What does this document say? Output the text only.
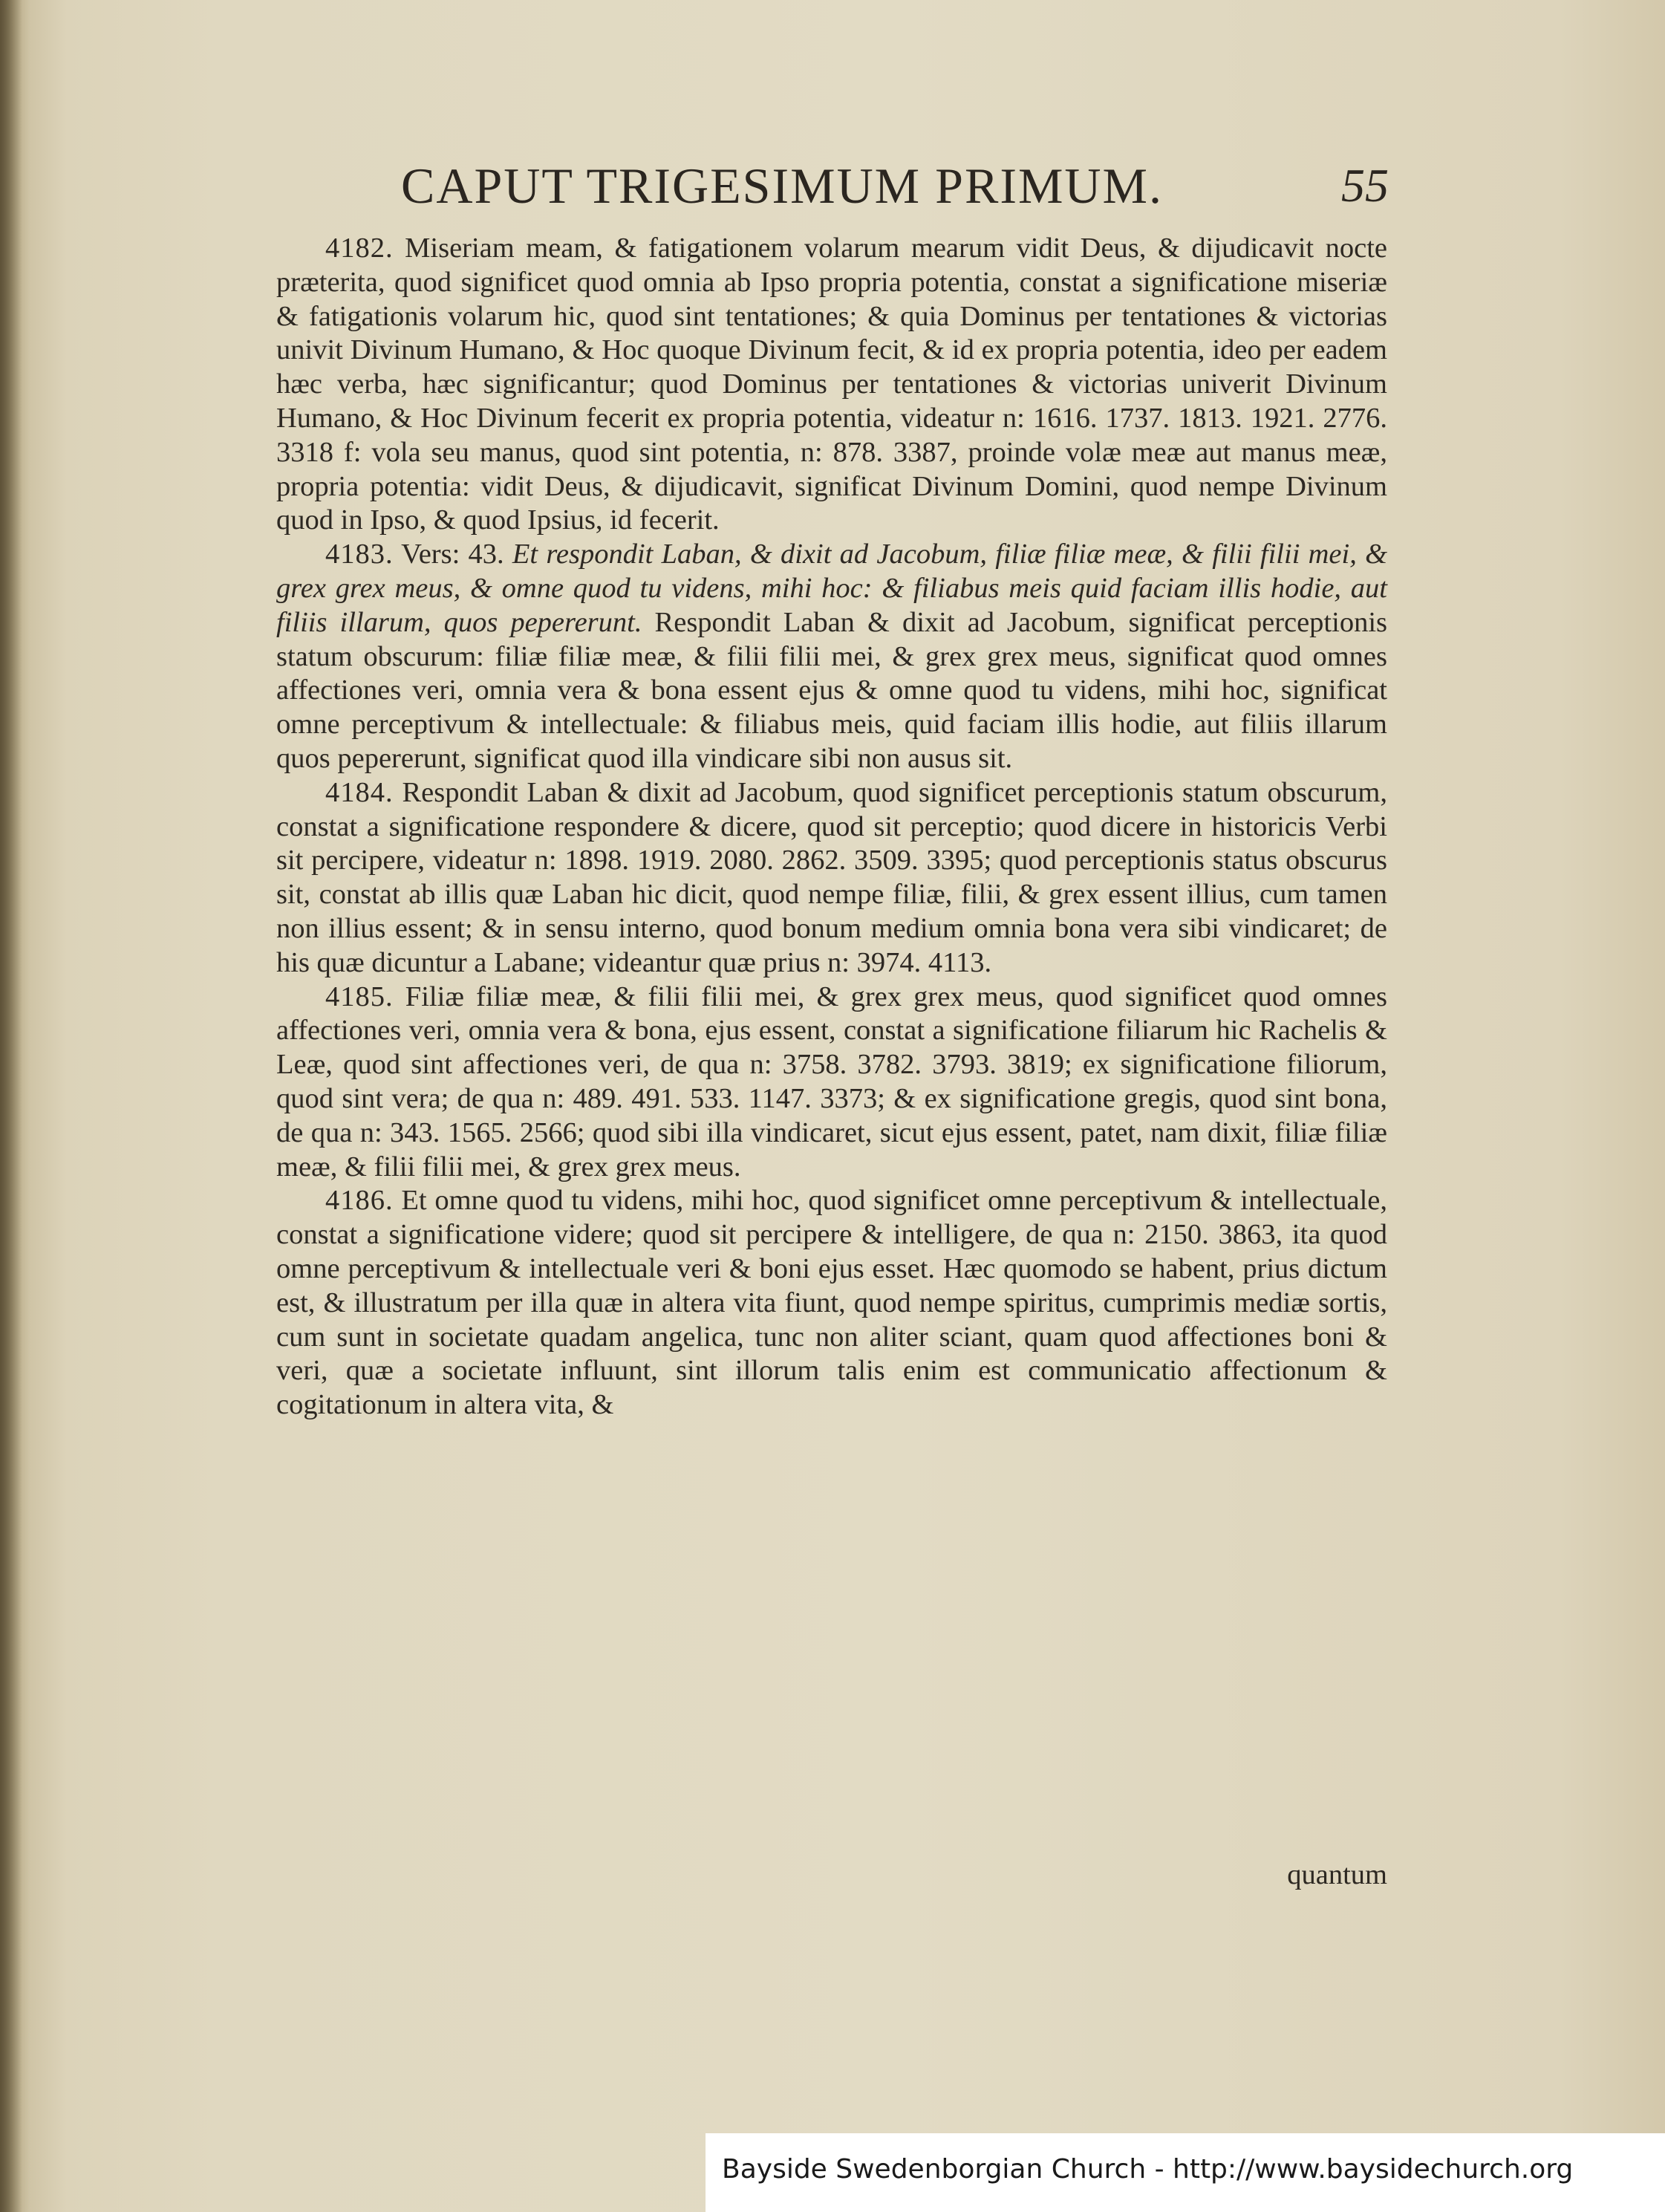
CAPUT TRIGESIMUM PRIMUM.	55

4182. Miseriam meam, & fatigationem volarum mearum vidit Deus, & dijudicavit nocte præterita, quod significet quod omnia ab Ipso propria potentia, constat a significatione miseriæ & fatigationis volarum hic, quod sint tentationes; & quia Dominus per tentationes & victorias univit Divinum Humano, & Hoc quoque Divinum fecit, & id ex propria potentia, ideo per eadem hæc verba, hæc significantur; quod Dominus per tentationes & victorias univerit Divinum Humano, & Hoc Divinum fecerit ex propria potentia, videatur n: 1616. 1737. 1813. 1921. 2776. 3318 f: vola seu manus, quod sint potentia, n: 878. 3387, proinde volæ meæ aut manus meæ, propria potentia: vidit Deus, & dijudicavit, significat Divinum Domini, quod nempe Divinum quod in Ipso, & quod Ipsius, id fecerit.

4183. Vers: 43. Et respondit Laban, & dixit ad Jacobum, filiæ filiæ meæ, & filii filii mei, & grex grex meus, & omne quod tu videns, mihi hoc: & filiabus meis quid faciam illis hodie, aut filiis illarum, quos pepererunt. Respondit Laban & dixit ad Jacobum, significat perceptionis statum obscurum: filiæ filiæ meæ, & filii filii mei, & grex grex meus, significat quod omnes affectiones veri, omnia vera & bona essent ejus & omne quod tu videns, mihi hoc, significat omne perceptivum & intellectuale: & filiabus meis, quid faciam illis hodie, aut filiis illarum quos pepererunt, significat quod illa vindicare sibi non ausus sit.

4184. Respondit Laban & dixit ad Jacobum, quod significet perceptionis statum obscurum, constat a significatione respondere & dicere, quod sit perceptio; quod dicere in historicis Verbi sit percipere, videatur n: 1898. 1919. 2080. 2862. 3509. 3395; quod perceptionis status obscurus sit, constat ab illis quæ Laban hic dicit, quod nempe filiæ, filii, & grex essent illius, cum tamen non illius essent; & in sensu interno, quod bonum medium omnia bona vera sibi vindicaret; de his quæ dicuntur a Labane; videantur quæ prius n: 3974. 4113.

4185. Filiæ filiæ meæ, & filii filii mei, & grex grex meus, quod significet quod omnes affectiones veri, omnia vera & bona, ejus essent, constat a significatione filiarum hic Rachelis & Leæ, quod sint affectiones veri, de qua n: 3758. 3782. 3793. 3819; ex significatione filiorum, quod sint vera; de qua n: 489. 491. 533. 1147. 3373; & ex significatione gregis, quod sint bona, de qua n: 343. 1565. 2566; quod sibi illa vindicaret, sicut ejus essent, patet, nam dixit, filiæ filiæ meæ, & filii filii mei, & grex grex meus.

4186. Et omne quod tu videns, mihi hoc, quod significet omne perceptivum & intellectuale, constat a significatione videre; quod sit percipere & intelligere, de qua n: 2150. 3863, ita quod omne perceptivum & intellectuale veri & boni ejus esset. Hæc quomodo se habent, prius dictum est, & illustratum per illa quæ in altera vita fiunt, quod nempe spiritus, cumprimis mediæ sortis, cum sunt in societate quadam angelica, tunc non aliter sciant, quam quod affectiones boni & veri, quæ a societate influunt, sint illorum talis enim est communicatio affectionum & cogitationum in altera vita, &

quantum
Bayside Swedenborgian Church - http://www.baysidechurch.org
